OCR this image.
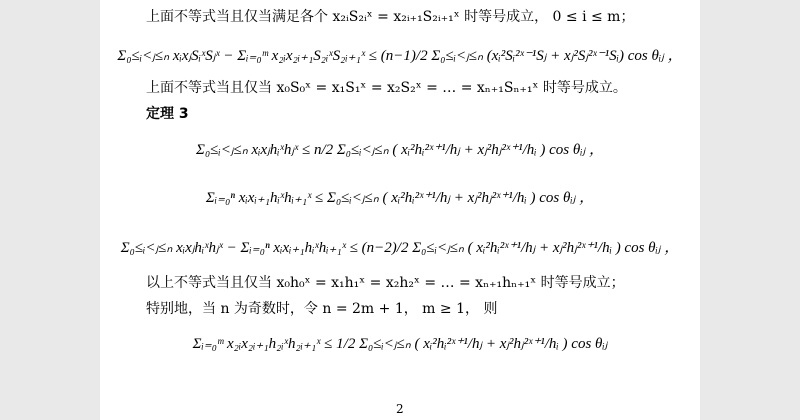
上面不等式当且仅当满足各个 x₂ᵢS₂ᵢˣ = x₂ᵢ₊₁S₂ᵢ₊₁ˣ 时等号成立， 0 ≤ i ≤ m；
Σ₀≤ᵢ<ⱼ≤ₙ xᵢxⱼSᵢˣSⱼˣ − Σᵢ₌₀ᵐ x₂ᵢx₂ᵢ₊₁S₂ᵢˣS₂ᵢ₊₁ˣ ≤ (n−1)/2 Σ₀≤ᵢ<ⱼ≤ₙ (xᵢ²Sᵢ²ˣ⁻¹Sⱼ + xⱼ²Sⱼ²ˣ⁻¹Sᵢ) cos θᵢⱼ ，
上面不等式当且仅当 x₀S₀ˣ = x₁S₁ˣ = x₂S₂ˣ = … = xₙ₊₁Sₙ₊₁ˣ 时等号成立。
定理 3
Σ₀≤ᵢ<ⱼ≤ₙ xᵢxⱼhᵢˣhⱼˣ ≤ n/2 Σ₀≤ᵢ<ⱼ≤ₙ ( xᵢ²hᵢ²ˣ⁺¹/hⱼ + xⱼ²hⱼ²ˣ⁺¹/hᵢ ) cos θᵢⱼ ，
Σᵢ₌₀ⁿ xᵢxᵢ₊₁hᵢˣhᵢ₊₁ˣ ≤ Σ₀≤ᵢ<ⱼ≤ₙ ( xᵢ²hᵢ²ˣ⁺¹/hⱼ + xⱼ²hⱼ²ˣ⁺¹/hᵢ ) cos θᵢⱼ ，
Σ₀≤ᵢ<ⱼ≤ₙ xᵢxⱼhᵢˣhⱼˣ − Σᵢ₌₀ⁿ xᵢxᵢ₊₁hᵢˣhᵢ₊₁ˣ ≤ (n−2)/2 Σ₀≤ᵢ<ⱼ≤ₙ ( xᵢ²hᵢ²ˣ⁺¹/hⱼ + xⱼ²hⱼ²ˣ⁺¹/hᵢ ) cos θᵢⱼ ，
以上不等式当且仅当 x₀h₀ˣ = x₁h₁ˣ = x₂h₂ˣ = … = xₙ₊₁hₙ₊₁ˣ 时等号成立；
特别地，当 n 为奇数时，令 n = 2m + 1， m ≥ 1， 则
Σᵢ₌₀ᵐ x₂ᵢx₂ᵢ₊₁h₂ᵢˣh₂ᵢ₊₁ˣ ≤ 1/2 Σ₀≤ᵢ<ⱼ≤ₙ ( xᵢ²hᵢ²ˣ⁺¹/hⱼ + xⱼ²hⱼ²ˣ⁺¹/hᵢ ) cos θᵢⱼ
2
